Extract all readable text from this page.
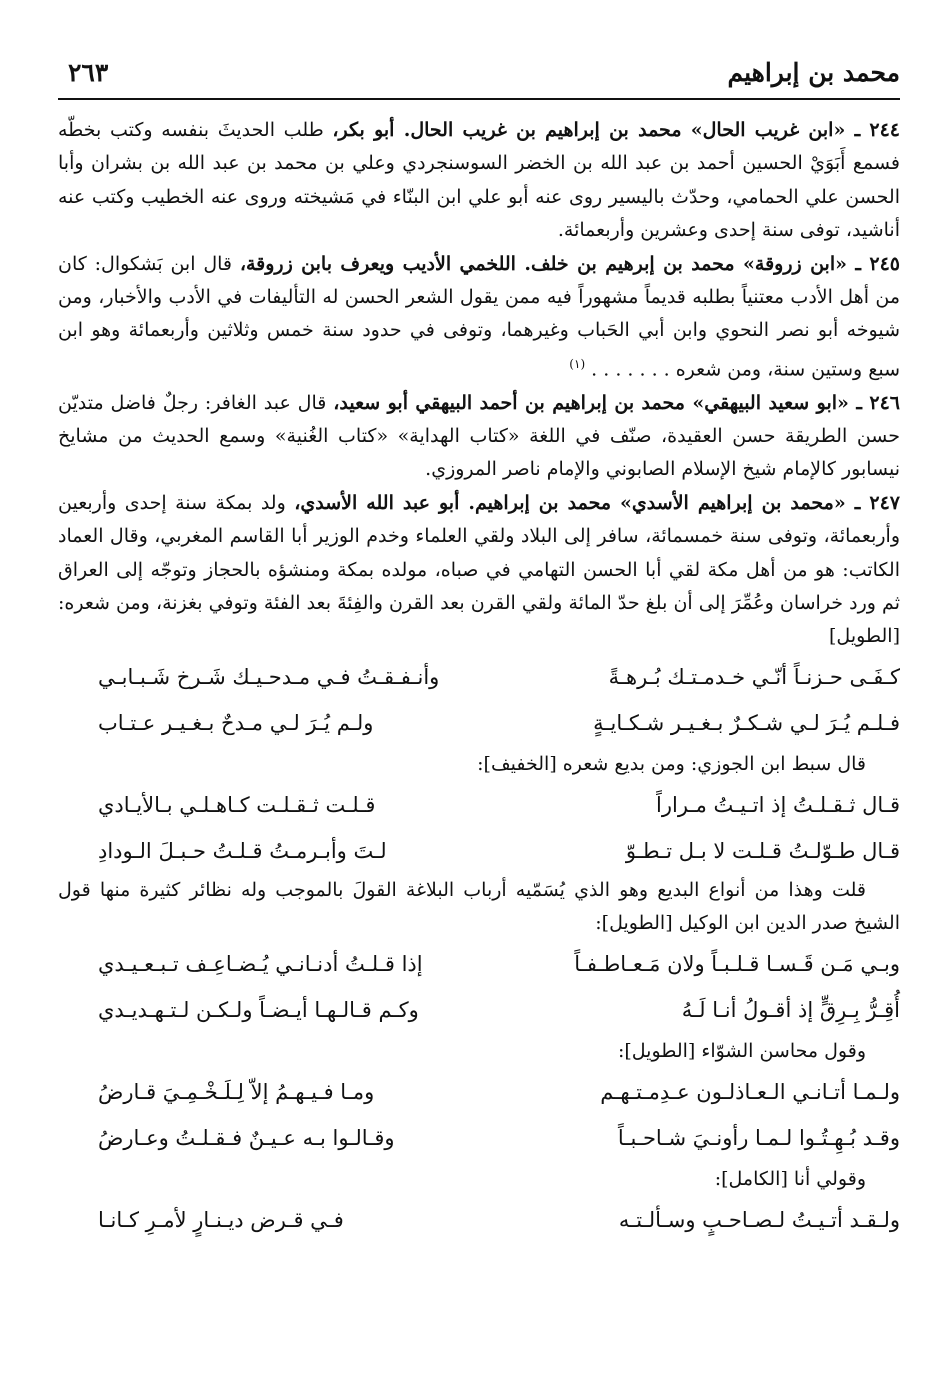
محمد بن إبراهيم
٢٦٣

٢٤٤ ـ «ابن غريب الحال» محمد بن إبراهيم بن غريب الحال. أبو بكر، طلب الحديثَ بنفسه وكتب بخطّه فسمع أَبَوَيْ الحسين أحمد بن عبد الله بن الخضر السوسنجردي وعلي بن محمد بن عبد الله بن بشران وأبا الحسن علي الحمامي، وحدّث باليسير روى عنه أبو علي ابن البنّاء في مَشيخته وروى عنه الخطيب وكتب عنه أناشيد، توفى سنة إحدى وعشرين وأربعمائة.

٢٤٥ ـ «ابن زروقة» محمد بن إبرهيم بن خلف. اللخمي الأديب ويعرف بابن زروقة، قال ابن بَشكوال: كان من أهل الأدب معتنياً بطلبه قديماً مشهوراً فيه ممن يقول الشعر الحسن له التأليفات في الأدب والأخبار، ومن شيوخه أبو نصر النحوي وابن أبي الحَباب وغيرهما، وتوفى في حدود سنة خمس وثلاثين وأربعمائة وهو ابن سبع وستين سنة، ومن شعره . . . . . . . $^{(١)}$

٢٤٦ ـ «ابو سعيد البيهقي» محمد بن إبراهيم بن أحمد البيهقي أبو سعيد، قال عبد الغافر: رجلٌ فاضل متديّن حسن الطريقة حسن العقيدة، صنّف في اللغة «كتاب الهداية» «كتاب الغُنية» وسمع الحديث من مشايخ نيسابور كالإمام شيخ الإسلام الصابوني والإمام ناصر المروزي.

٢٤٧ ـ «محمد بن إبراهيم الأسدي» محمد بن إبراهيم. أبو عبد الله الأسدي، ولد بمكة سنة إحدى وأربعين وأربعمائة، وتوفى سنة خمسمائة، سافر إلى البلاد ولقي العلماء وخدم الوزير أبا القاسم المغربي، وقال العماد الكاتب: هو من أهل مكة لقي أبا الحسن التهامي في صباه، مولده بمكة ومنشؤه بالحجاز وتوجّه إلى العراق ثم ورد خراسان وعُمِّرَ إلى أن بلغ حدّ المائة ولقي القرن بعد القرن والفِئةَ بعد الفئة وتوفي بغزنة، ومن شعره: [الطويل]

كـفَـى حـزنـاً أنّـي خـدمـتـك بُـرهـةً
وأنـفـقـتُ فـي مـدحـيـك شَـرخ شَـبـابـي
فـلـم يُـرَ لـي شـكـرٌ بـغـيـر شـكـايـةٍ
ولـم يُـرَ لـي مـدحٌ بـغـيـر عـتـاب
قال سبط ابن الجوزي: ومن بديع شعره [الخفيف]:
قـال ثـقـلـتُ إذ اتـيـتُ مـراراً
قـلـت ثـقـلـت كـاهـلـي بـالأيـادي
قـال طـوّلـتُ قـلـت لا بـل تـطـوّ
لـتَ وأبـرمـتُ قـلـتُ حـبـلَ الـودادِ

قلت وهذا من أنواع البديع وهو الذي يُسَمّيه أرباب البلاغة القولَ بالموجب وله نظائر كثيرة منها قول الشيخ صدر الدين ابن الوكيل [الطويل]:

وبـي مَـن قَـسـا قـلـبـاً ولان مَـعـاطـفـاً
إذا قـلـتُ أدنـانـي يُـضـاعِـف تـبـعـيـدي
أُقِـرُّ بِـرِقٍّ إذ أقـولُ أنـا لَـهُ
وكـم قـالـهـا أيـضـاً ولـكـن لـتـهـديـدي
وقول محاسن الشوّاء [الطويل]:
ولـمـا أتـانـي الـعـاذلـون عـدِمـتـهـم
ومـا فـيـهـمُ إلاّ لِـلَـخْـمِـيَ قـارضُ
وقـد بُـهِـتُـوا لـمـا رأونـيَ شـاحـبـاً
وقـالـوا بـه عـيـنٌ فـقـلـتُ وعـارضُ
وقولي أنا [الكامل]:
ولـقـد أتـيـتُ لـصـاحـبٍ وسـألـتـه
فـي قـرض ديـنـارٍ لأمـرِ كـانـا
